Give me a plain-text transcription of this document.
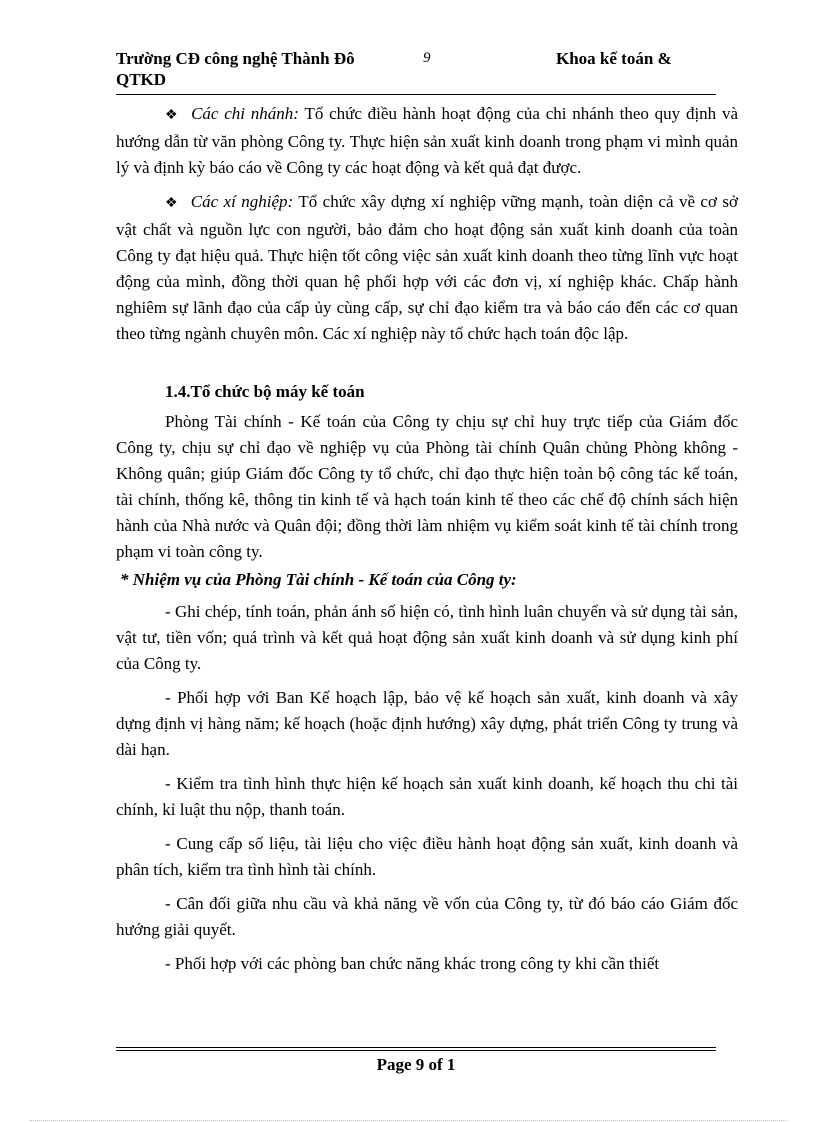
Trường CĐ công nghệ Thành Đô
QTKD
9	Khoa kế toán &

❖ Các chi nhánh: Tổ chức điều hành hoạt động của chi nhánh theo quy định và hướng dẫn từ văn phòng Công ty. Thực hiện sản xuất kinh doanh trong phạm vi mình quản lý và định kỳ báo cáo về Công ty các hoạt động và kết quả đạt được.

❖ Các xí nghiệp: Tổ chức xây dựng xí nghiệp vững mạnh, toàn diện cả về cơ sở vật chất và nguồn lực con người, bảo đảm cho hoạt động sản xuất kinh doanh của toàn Công ty đạt hiệu quả. Thực hiện tốt công việc sản xuất kinh doanh theo từng lĩnh vực hoạt động của mình, đồng thời quan hệ phối hợp với các đơn vị, xí nghiệp khác. Chấp hành nghiêm sự lãnh đạo của cấp ủy cùng cấp, sự chỉ đạo kiểm tra và báo cáo đến các cơ quan theo từng ngành chuyên môn. Các xí nghiệp này tổ chức hạch toán độc lập.

1.4.Tổ chức bộ máy kế toán

Phòng Tài chính - Kế toán của Công ty chịu sự chỉ huy trực tiếp của Giám đốc Công ty, chịu sự chỉ đạo về nghiệp vụ của Phòng tài chính Quân chủng Phòng không - Không quân; giúp Giám đốc Công ty tổ chức, chỉ đạo thực hiện toàn bộ công tác kế toán, tài chính, thống kê, thông tin kinh tế và hạch toán kinh tế theo các chế độ chính sách hiện hành của Nhà nước và Quân đội; đồng thời làm nhiệm vụ kiểm soát kinh tế tài chính trong phạm vi toàn công ty.

* Nhiệm vụ của Phòng Tài chính - Kế toán của Công ty:

- Ghi chép, tính toán, phản ánh số hiện có, tình hình luân chuyển và sử dụng tài sản, vật tư, tiền vốn; quá trình và kết quả hoạt động sản xuất kinh doanh và sử dụng kinh phí của Công ty.

- Phối hợp với Ban Kế hoạch lập, bảo vệ kế hoạch sản xuất, kinh doanh và xây dựng định vị hàng năm; kế hoạch (hoặc định hướng) xây dựng, phát triển Công ty trung và dài hạn.

- Kiểm tra tình hình thực hiện kế hoạch sản xuất kinh doanh, kế hoạch thu chi tài chính, kỉ luật thu nộp, thanh toán.

- Cung cấp số liệu, tài liệu cho việc điều hành hoạt động sản xuất, kinh doanh và phân tích, kiểm tra tình hình tài chính.

- Cân đối giữa nhu cầu và khả năng về vốn của Công ty, từ đó báo cáo Giám đốc hướng giải quyết.

- Phối hợp với các phòng ban chức năng khác trong công ty khi cần thiết

Page 9 of 1
